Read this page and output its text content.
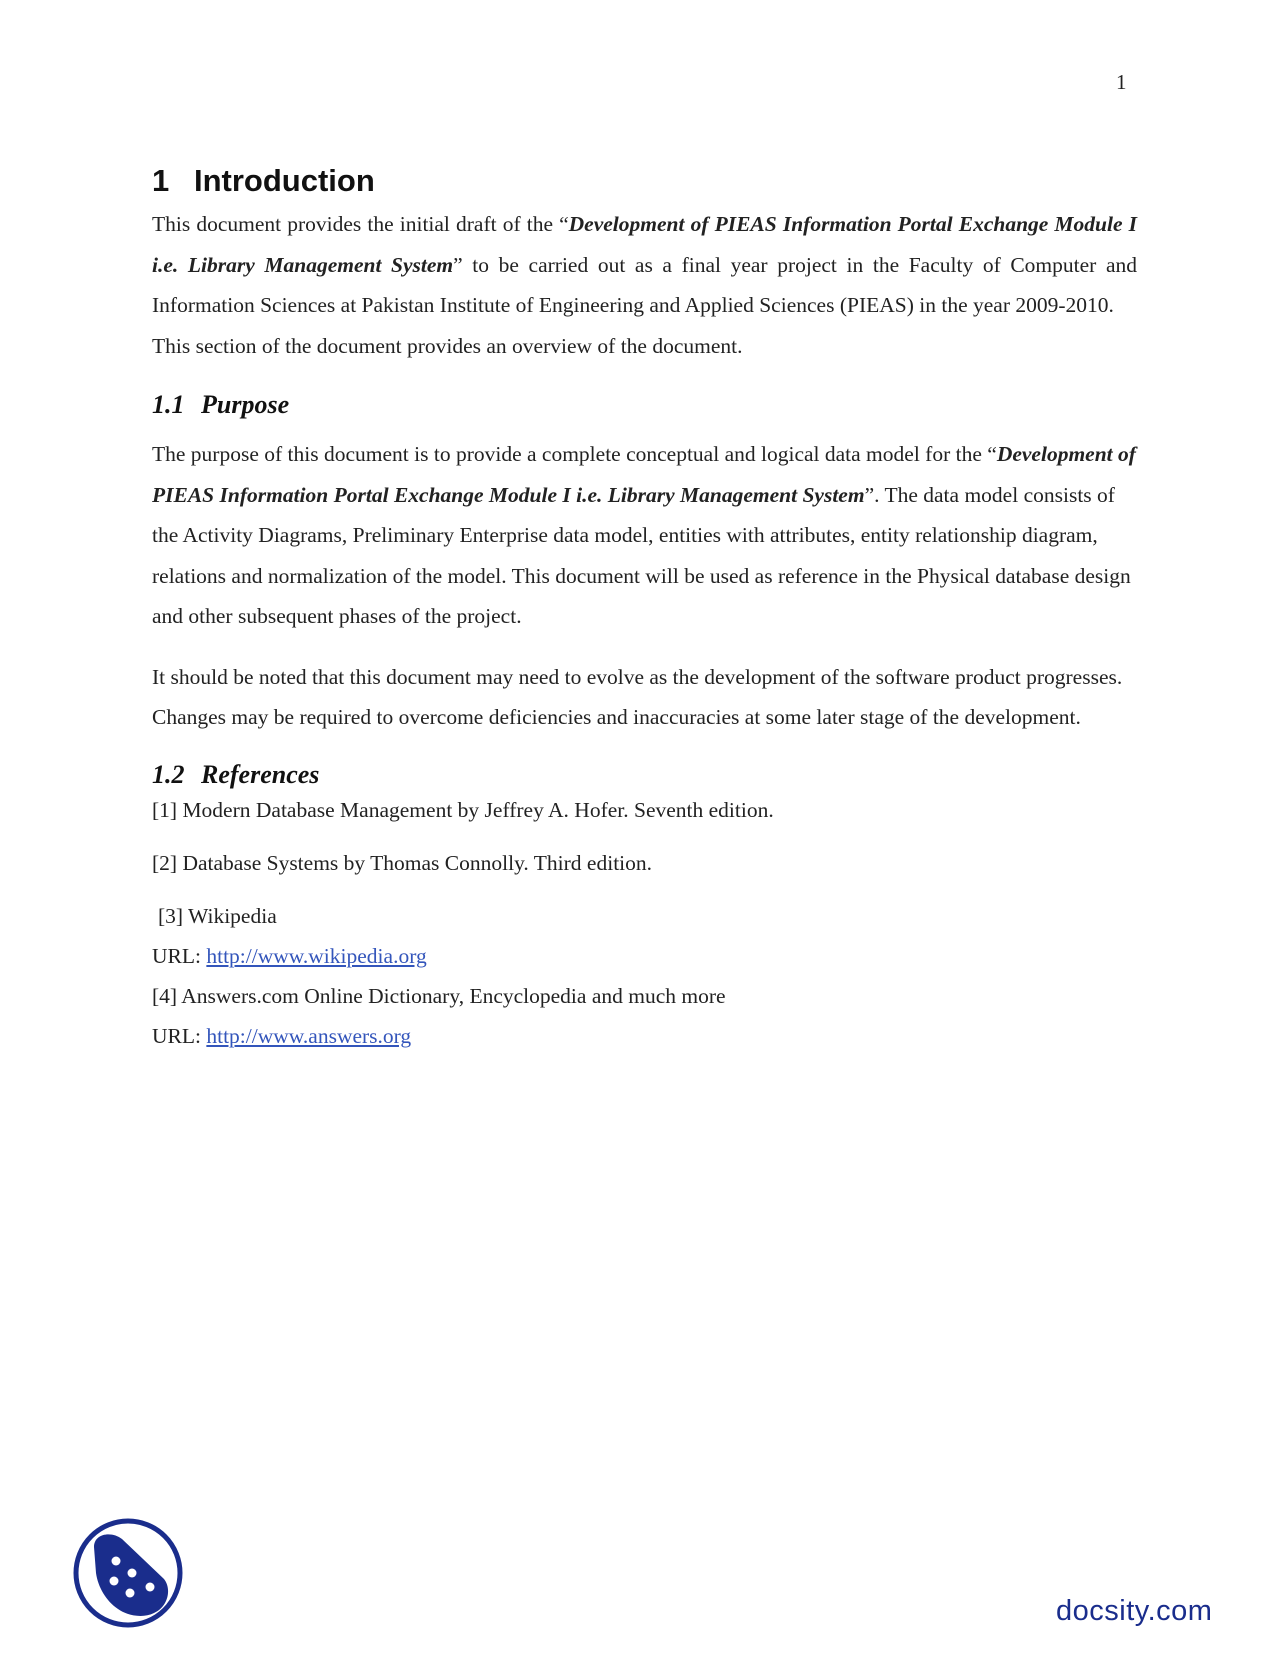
1
1 Introduction

This document provides the initial draft of the “Development of PIEAS Information Portal Exchange Module I i.e. Library Management System” to be carried out as a final year project in the Faculty of Computer and Information Sciences at Pakistan Institute of Engineering and Applied Sciences (PIEAS) in the year 2009-2010.

This section of the document provides an overview of the document.

1.1 Purpose

The purpose of this document is to provide a complete conceptual and logical data model for the “Development of PIEAS Information Portal Exchange Module I i.e. Library Management System”. The data model consists of the Activity Diagrams, Preliminary Enterprise data model, entities with attributes, entity relationship diagram, relations and normalization of the model. This document will be used as reference in the Physical database design and other subsequent phases of the project.

It should be noted that this document may need to evolve as the development of the software product progresses. Changes may be required to overcome deficiencies and inaccuracies at some later stage of the development.

1.2 References
[1] Modern Database Management by Jeffrey A. Hofer. Seventh edition.
[2] Database Systems by Thomas Connolly. Third edition.
[3] Wikipedia
URL: http://www.wikipedia.org
[4] Answers.com Online Dictionary, Encyclopedia and much more
URL: http://www.answers.org
docsity.com
